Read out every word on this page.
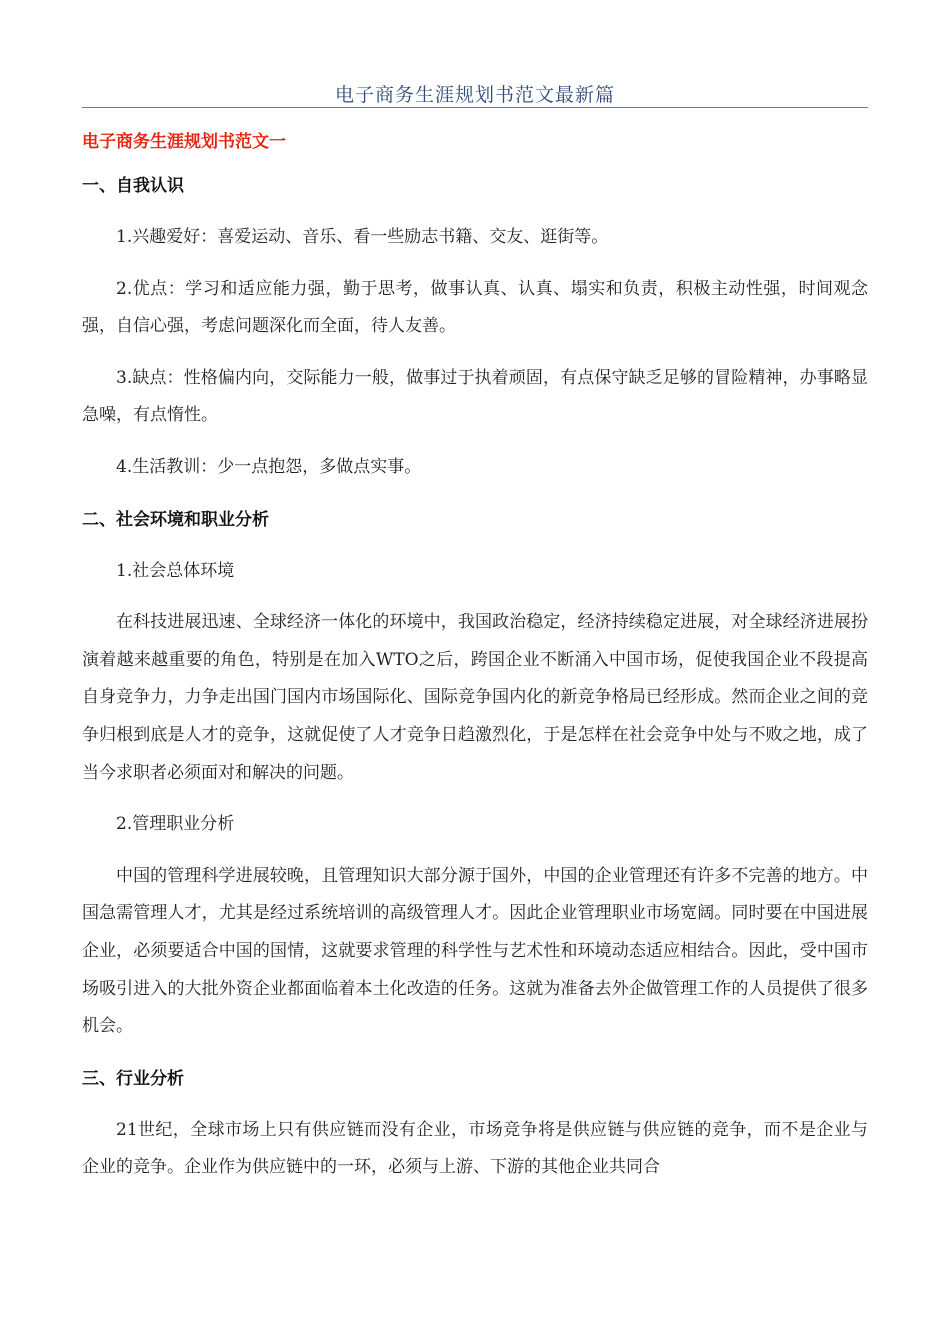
电子商务生涯规划书范文最新篇
电子商务生涯规划书范文一
一、自我认识

1.兴趣爱好：喜爱运动、音乐、看一些励志书籍、交友、逛街等。

2.优点：学习和适应能力强，勤于思考，做事认真、认真、塌实和负责，积极主动性强，时间观念强，自信心强，考虑问题深化而全面，待人友善。

3.缺点：性格偏内向，交际能力一般，做事过于执着顽固，有点保守缺乏足够的冒险精神，办事略显急噪，有点惰性。

4.生活教训：少一点抱怨，多做点实事。

二、社会环境和职业分析

1.社会总体环境

在科技进展迅速、全球经济一体化的环境中，我国政治稳定，经济持续稳定进展，对全球经济进展扮演着越来越重要的角色，特别是在加入WTO之后，跨国企业不断涌入中国市场，促使我国企业不段提高自身竞争力，力争走出国门国内市场国际化、国际竞争国内化的新竞争格局已经形成。然而企业之间的竞争归根到底是人才的竞争，这就促使了人才竞争日趋激烈化，于是怎样在社会竞争中处与不败之地，成了当今求职者必须面对和解决的问题。

2.管理职业分析

中国的管理科学进展较晚，且管理知识大部分源于国外，中国的企业管理还有许多不完善的地方。中国急需管理人才，尤其是经过系统培训的高级管理人才。因此企业管理职业市场宽阔。同时要在中国进展企业，必须要适合中国的国情，这就要求管理的科学性与艺术性和环境动态适应相结合。因此，受中国市场吸引进入的大批外资企业都面临着本土化改造的任务。这就为准备去外企做管理工作的人员提供了很多机会。

三、行业分析

21世纪，全球市场上只有供应链而没有企业，市场竞争将是供应链与供应链的竞争，而不是企业与企业的竞争。企业作为供应链中的一环，必须与上游、下游的其他企业共同合
